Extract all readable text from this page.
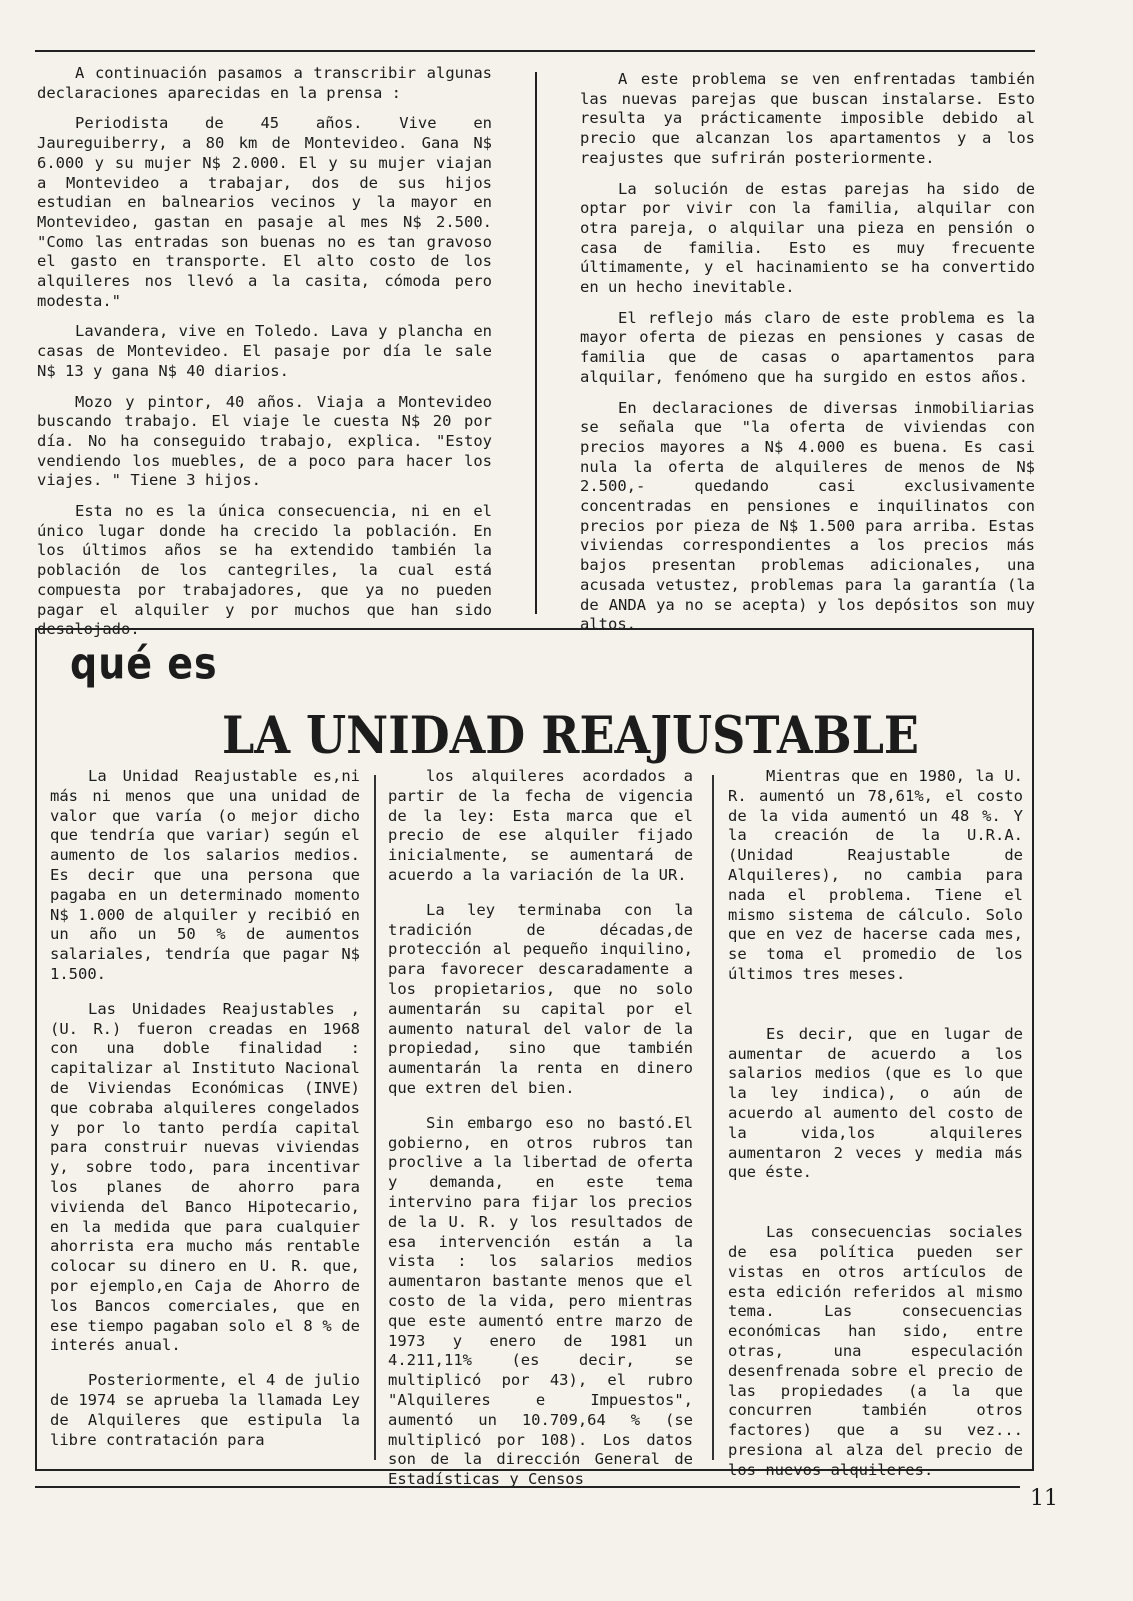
A continuación pasamos a transcribir algunas declaraciones aparecidas en la prensa :

Periodista de 45 años. Vive en Jaureguiberry, a 80 km de Montevideo. Gana N$ 6.000 y su mujer N$ 2.000. El y su mujer viajan a Montevideo a trabajar, dos de sus hijos estudian en balnearios vecinos y la mayor en Montevideo, gastan en pasaje al mes N$ 2.500. "Como las entradas son buenas no es tan gravoso el gasto en transporte. El alto costo de los alquileres nos llevó a la casita, cómoda pero modesta."

Lavandera, vive en Toledo. Lava y plancha en casas de Montevideo. El pasaje por día le sale N$ 13 y gana N$ 40 diarios.

Mozo y pintor, 40 años. Viaja a Montevideo buscando trabajo. El viaje le cuesta N$ 20 por día. No ha conseguido trabajo, explica. "Estoy vendiendo los muebles, de a poco para hacer los viajes. " Tiene 3 hijos.

Esta no es la única consecuencia, ni en el único lugar donde ha crecido la población. En los últimos años se ha extendido también la población de los cantegriles, la cual está compuesta por trabajadores, que ya no pueden pagar el alquiler y por muchos que han sido desalojado.

A este problema se ven enfrentadas también las nuevas parejas que buscan instalarse. Esto resulta ya prácticamente imposible debido al precio que alcanzan los apartamentos y a los reajustes que sufrirán posteriormente.

La solución de estas parejas ha sido de optar por vivir con la familia, alquilar con otra pareja, o alquilar una pieza en pensión o casa de familia. Esto es muy frecuente últimamente, y el hacinamiento se ha convertido en un hecho inevitable.

El reflejo más claro de este problema es la mayor oferta de piezas en pensiones y casas de familia que de casas o apartamentos para alquilar, fenómeno que ha surgido en estos años.

En declaraciones de diversas inmobiliarias se señala que "la oferta de viviendas con precios mayores a N$ 4.000 es buena. Es casi nula la oferta de alquileres de menos de N$ 2.500,- quedando casi exclusivamente concentradas en pensiones e inquilinatos con precios por pieza de N$ 1.500 para arriba. Estas viviendas correspondientes a los precios más bajos presentan problemas adicionales, una acusada vetustez, problemas para la garantía (la de ANDA ya no se acepta) y los depósitos son muy altos.

qué es
LA UNIDAD REAJUSTABLE

La Unidad Reajustable es,ni más ni menos que una unidad de valor que varía (o mejor dicho que tendría que variar) según el aumento de los salarios medios. Es decir que una persona que pagaba en un determinado momento N$ 1.000 de alquiler y recibió en un año un 50 % de aumentos salariales, tendría que pagar N$ 1.500.

Las Unidades Reajustables , (U. R.) fueron creadas en 1968 con una doble finalidad : capitalizar al Instituto Nacional de Viviendas Económicas (INVE) que cobraba alquileres congelados y por lo tanto perdía capital para construir nuevas viviendas y, sobre todo, para incentivar los planes de ahorro para vivienda del Banco Hipotecario, en la medida que para cualquier ahorrista era mucho más rentable colocar su dinero en U. R. que, por ejemplo,en Caja de Ahorro de los Bancos comerciales, que en ese tiempo pagaban solo el 8 % de interés anual.

Posteriormente, el 4 de julio de 1974 se aprueba la llamada Ley de Alquileres que estipula la libre contratación para

los alquileres acordados a partir de la fecha de vigencia de la ley: Esta marca que el precio de ese alquiler fijado inicialmente, se aumentará de acuerdo a la variación de la UR.

La ley terminaba con la tradición de décadas,de protección al pequeño inquilino, para favorecer descaradamente a los propietarios, que no solo aumentarán su capital por el aumento natural del valor de la propiedad, sino que también aumentarán la renta en dinero que extren del bien.

Sin embargo eso no bastó.El gobierno, en otros rubros tan proclive a la libertad de oferta y demanda, en este tema intervino para fijar los precios de la U. R. y los resultados de esa intervención están a la vista : los salarios medios aumentaron bastante menos que el costo de la vida, pero mientras que este aumentó entre marzo de 1973 y enero de 1981 un 4.211,11% (es decir, se multiplicó por 43), el rubro "Alquileres e Impuestos", aumentó un 10.709,64 % (se multiplicó por 108). Los datos son de la dirección General de Estadísticas y Censos

Mientras que en 1980, la U. R. aumentó un 78,61%, el costo de la vida aumentó un 48 %. Y la creación de la U.R.A. (Unidad Reajustable de Alquileres), no cambia para nada el problema. Tiene el mismo sistema de cálculo. Solo que en vez de hacerse cada mes, se toma el promedio de los últimos tres meses.

Es decir, que en lugar de aumentar de acuerdo a los salarios medios (que es lo que la ley indica), o aún de acuerdo al aumento del costo de la vida,los alquileres aumentaron 2 veces y media más que éste.

Las consecuencias sociales de esa política pueden ser vistas en otros artículos de esta edición referidos al mismo tema. Las consecuencias económicas han sido, entre otras, una especulación desenfrenada sobre el precio de las propiedades (a la que concurren también otros factores) que a su vez... presiona al alza del precio de los nuevos alquileres.

11
